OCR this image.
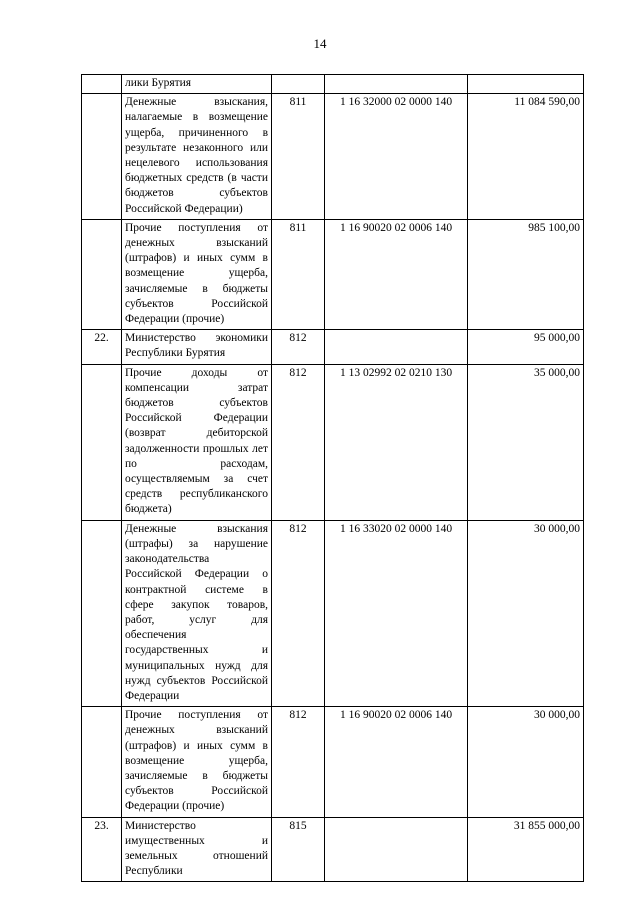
14

	лики Бурятия			

	Денежные взыскания, налагаемые в возмещение ущерба, причиненного в результате незаконного или нецелевого использования бюджетных средств (в части бюджетов субъектов Российской Федерации)	811	1 16 32000 02 0000 140	11 084 590,00

	Прочие поступления от денежных взысканий (штрафов) и иных сумм в возмещение ущерба, зачисляемые в бюджеты субъектов Российской Федерации (прочие)	811	1 16 90020 02 0006 140	985 100,00
22.	Министерство экономики Республики Бурятия	812		95 000,00

	Прочие доходы от компенсации затрат бюджетов субъектов Российской Федерации (возврат дебиторской задолженности прошлых лет по расходам, осуществляемым за счет средств республиканского бюджета)	812	1 13 02992 02 0210 130	35 000,00

	Денежные взыскания (штрафы) за нарушение законодательства Российской Федерации о контрактной системе в сфере закупок товаров, работ, услуг для обеспечения государственных и муниципальных нужд для нужд субъектов Российской Федерации	812	1 16 33020 02 0000 140	30 000,00

	Прочие поступления от денежных взысканий (штрафов) и иных сумм в возмещение ущерба, зачисляемые в бюджеты субъектов Российской Федерации (прочие)	812	1 16 90020 02 0006 140	30 000,00
23.	Министерство имущественных и земельных отношений Республики	815		31 855 000,00
